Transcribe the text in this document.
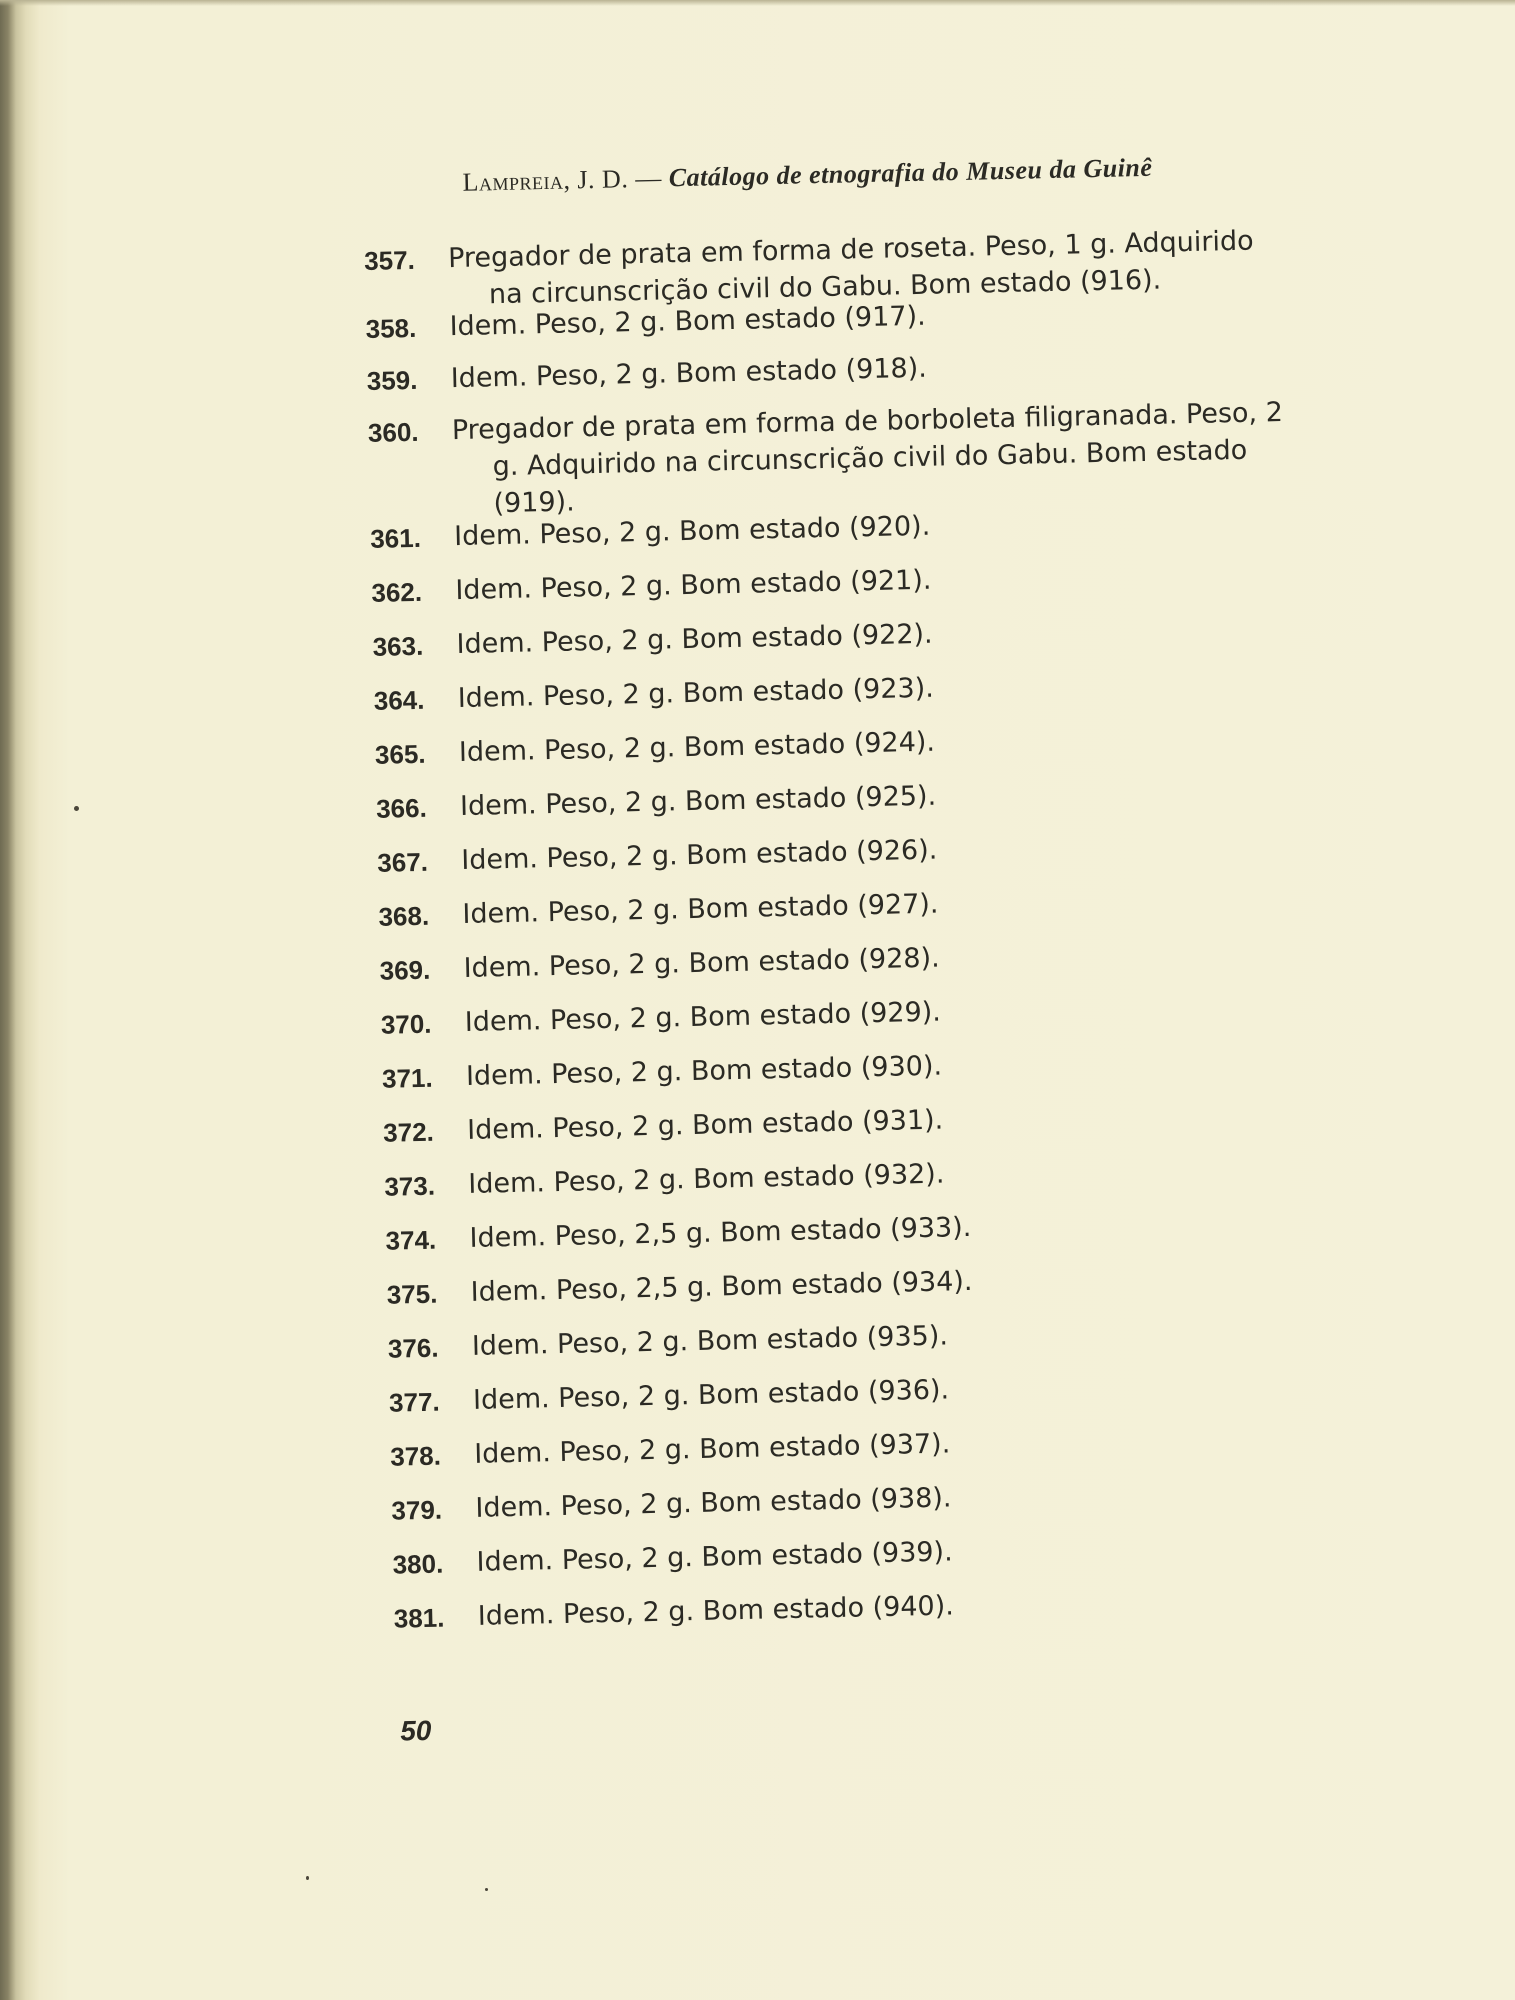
Lampreia, J. D. — Catálogo de etnografia do Museu da Guinê
357.	Pregador de prata em forma de roseta. Peso, 1 g. Adquirido na circunscrição civil do Gabu. Bom estado (916).
358.	Idem. Peso, 2 g. Bom estado (917).
359.	Idem. Peso, 2 g. Bom estado (918).
360.	Pregador de prata em forma de borboleta filigranada. Peso, 2 g. Adquirido na circunscrição civil do Gabu. Bom estado (919).
361.	Idem. Peso, 2 g. Bom estado (920).
362.	Idem. Peso, 2 g. Bom estado (921).
363.	Idem. Peso, 2 g. Bom estado (922).
364.	Idem. Peso, 2 g. Bom estado (923).
365.	Idem. Peso, 2 g. Bom estado (924).
366.	Idem. Peso, 2 g. Bom estado (925).
367.	Idem. Peso, 2 g. Bom estado (926).
368.	Idem. Peso, 2 g. Bom estado (927).
369.	Idem. Peso, 2 g. Bom estado (928).
370.	Idem. Peso, 2 g. Bom estado (929).
371.	Idem. Peso, 2 g. Bom estado (930).
372.	Idem. Peso, 2 g. Bom estado (931).
373.	Idem. Peso, 2 g. Bom estado (932).
374.	Idem. Peso, 2,5 g. Bom estado (933).
375.	Idem. Peso, 2,5 g. Bom estado (934).
376.	Idem. Peso, 2 g. Bom estado (935).
377.	Idem. Peso, 2 g. Bom estado (936).
378.	Idem. Peso, 2 g. Bom estado (937).
379.	Idem. Peso, 2 g. Bom estado (938).
380.	Idem. Peso, 2 g. Bom estado (939).
381.	Idem. Peso, 2 g. Bom estado (940).
50
